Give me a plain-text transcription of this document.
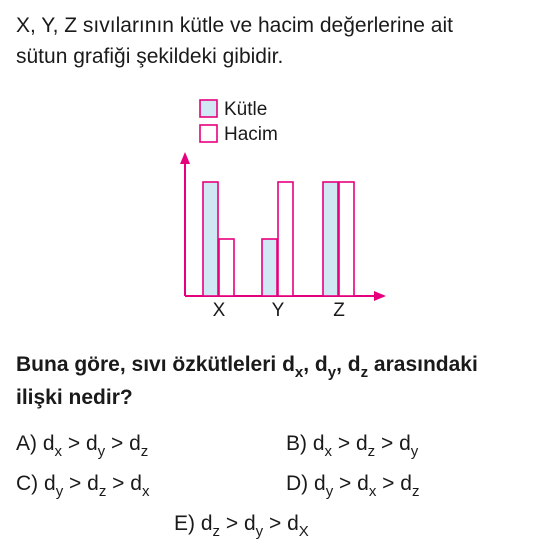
X, Y, Z sıvılarının kütle ve hacim değerlerine ait
sütun grafiği şekildeki gibidir.
X Y	Z
Kütle
Hacim
Buna göre, sıvı özkütleleri $d_x$, $d_y$, $d_z$ arasındaki
ilişki nedir?
A) $d_x > d_y > d_z$	B) $d_x > d_z > d_y$
C) $d_y > d_z > d_x$	D) $d_y > d_x > d_z$
E) $d_z > d_y > d_X$
